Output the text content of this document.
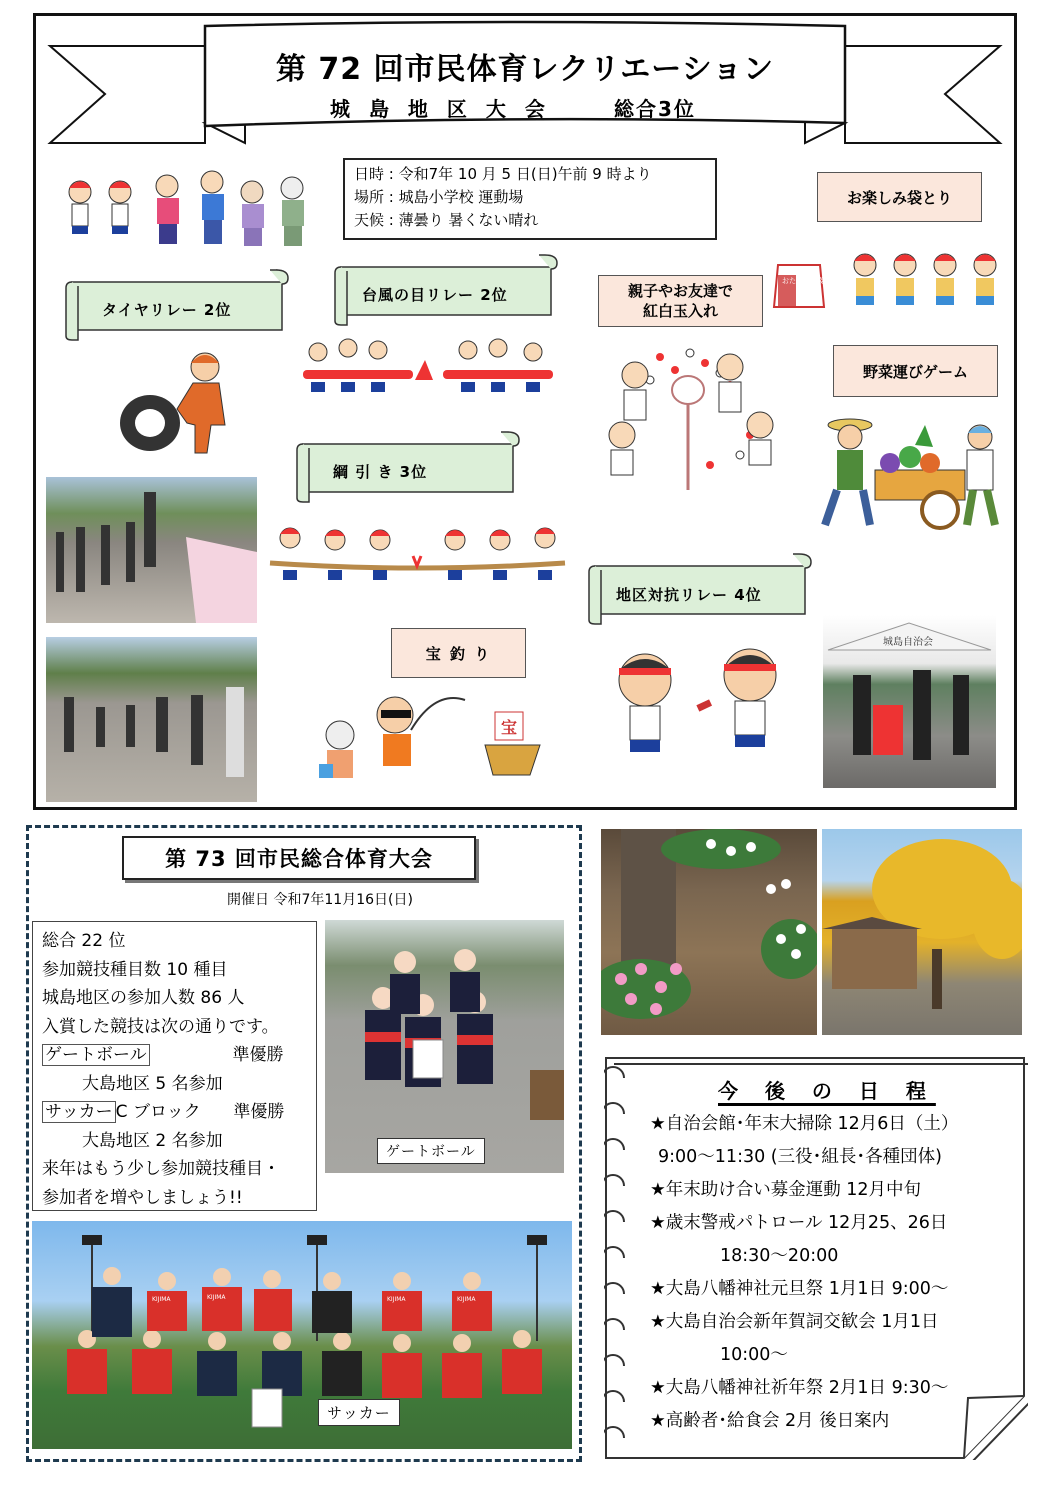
第 72 回市民体育レクリエーション
城 島 地 区 大 会	総合3位
日時 : 令和7年 10 月 5 日(日)午前 9 時より
場所 : 城島小学校 運動場
天候 : 薄曇り 暑くない晴れ
タイヤリレー 2位
台風の目リレー 2位
綱 引 き 3位
お楽しみ袋とり
おたのしみ袋
親子やお友達で
紅白玉入れ
野菜運びゲーム
地区対抗リレー 4位
宝 釣 り
宝
城島自治会
第 73 回市民総合体育大会
開催日 令和7年11月16日(日)
総合 22 位
参加競技種目数 10 種目
城島地区の参加人数 86 人
入賞した競技は次の通りです。
ゲートボール	準優勝
大島地区 5 名参加
サッカー C ブロック 準優勝
大島地区 2 名参加
来年はもう少し参加競技種目・
参加者を増やしましょう!!
ゲートボール
KIJIMA	KIJIMA	KIJIMA	KIJIMA
サッカー
今 後 の 日 程
★自治会館･年末大掃除 12月6日（土）
9:00～11:30 (三役･組長･各種団体)
★年末助け合い募金運動 12月中旬
★歳末警戒パトロール 12月25、26日
18:30～20:00
★大島八幡神社元旦祭 1月1日 9:00～
★大島自治会新年賀詞交歓会 1月1日
10:00～
★大島八幡神社祈年祭 2月1日 9:30～
★高齢者･給食会 2月 後日案内
